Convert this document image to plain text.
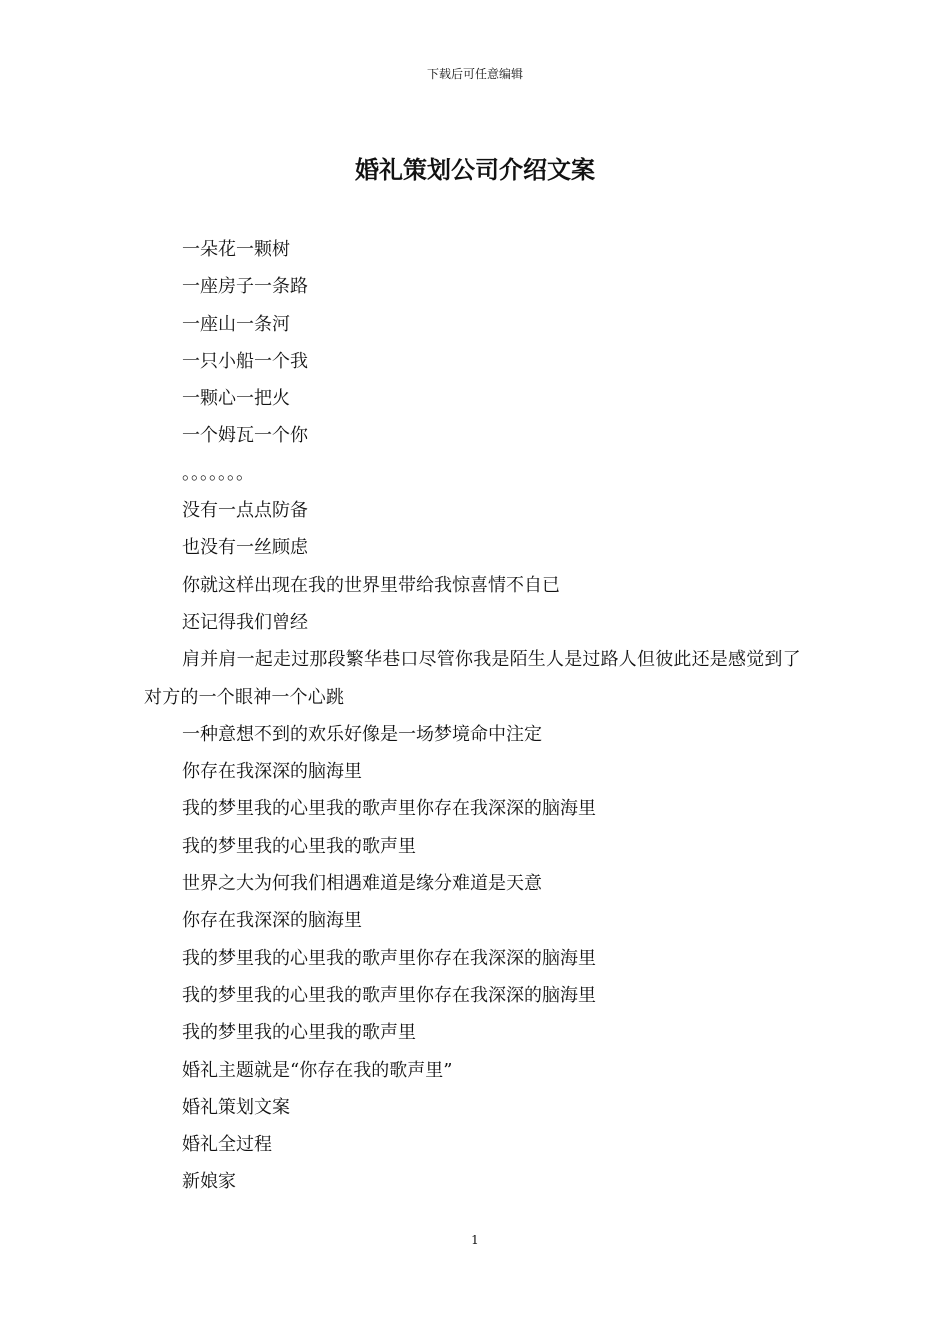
下载后可任意编辑
婚礼策划公司介绍文案

一朵花一颗树

一座房子一条路

一座山一条河

一只小船一个我

一颗心一把火

一个姆瓦一个你

。。。。。。。

没有一点点防备

也没有一丝顾虑

你就这样出现在我的世界里带给我惊喜情不自已

还记得我们曾经

肩并肩一起走过那段繁华巷口尽管你我是陌生人是过路人但彼此还是感觉到了对方的一个眼神一个心跳

一种意想不到的欢乐好像是一场梦境命中注定

你存在我深深的脑海里

我的梦里我的心里我的歌声里你存在我深深的脑海里

我的梦里我的心里我的歌声里

世界之大为何我们相遇难道是缘分难道是天意

你存在我深深的脑海里

我的梦里我的心里我的歌声里你存在我深深的脑海里

我的梦里我的心里我的歌声里你存在我深深的脑海里

我的梦里我的心里我的歌声里

婚礼主题就是“你存在我的歌声里”

婚礼策划文案

婚礼全过程

新娘家

1
